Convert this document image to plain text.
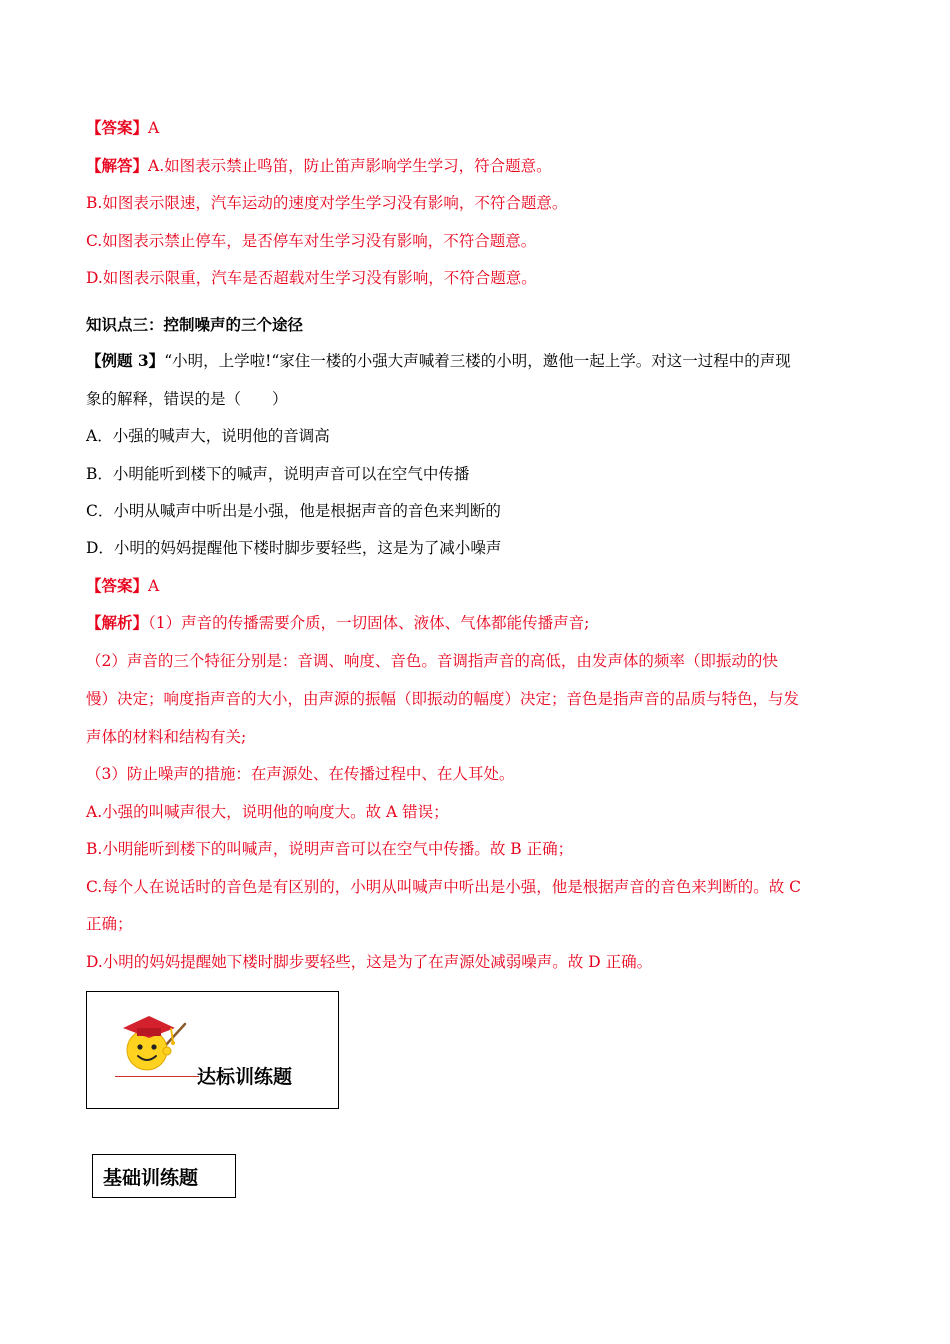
【答案】A
【解答】A.如图表示禁止鸣笛，防止笛声影响学生学习，符合题意。
B.如图表示限速，汽车运动的速度对学生学习没有影响，不符合题意。
C.如图表示禁止停车，是否停车对生学习没有影响，不符合题意。
D.如图表示限重，汽车是否超载对生学习没有影响，不符合题意。
知识点三：控制噪声的三个途径
【例题 3】“小明，上学啦!“家住一楼的小强大声喊着三楼的小明，邀他一起上学。对这一过程中的声现
象的解释，错误的是（　　）
A．小强的喊声大，说明他的音调高
B．小明能听到楼下的喊声，说明声音可以在空气中传播
C．小明从喊声中听出是小强，他是根据声音的音色来判断的
D．小明的妈妈提醒他下楼时脚步要轻些，这是为了减小噪声
【答案】A
【解析】（1）声音的传播需要介质，一切固体、液体、气体都能传播声音;
（2）声音的三个特征分别是：音调、响度、音色。音调指声音的高低，由发声体的频率（即振动的快
慢）决定；响度指声音的大小，由声源的振幅（即振动的幅度）决定；音色是指声音的品质与特色，与发
声体的材料和结构有关;
（3）防止噪声的措施：在声源处、在传播过程中、在人耳处。
A.小强的叫喊声很大，说明他的响度大。故 A 错误；
B.小明能听到楼下的叫喊声，说明声音可以在空气中传播。故 B 正确；
C.每个人在说话时的音色是有区别的，小明从叫喊声中听出是小强，他是根据声音的音色来判断的。故 C
正确；
D.小明的妈妈提醒她下楼时脚步要轻些，这是为了在声源处减弱噪声。故 D 正确。
达标训练题
基础训练题
